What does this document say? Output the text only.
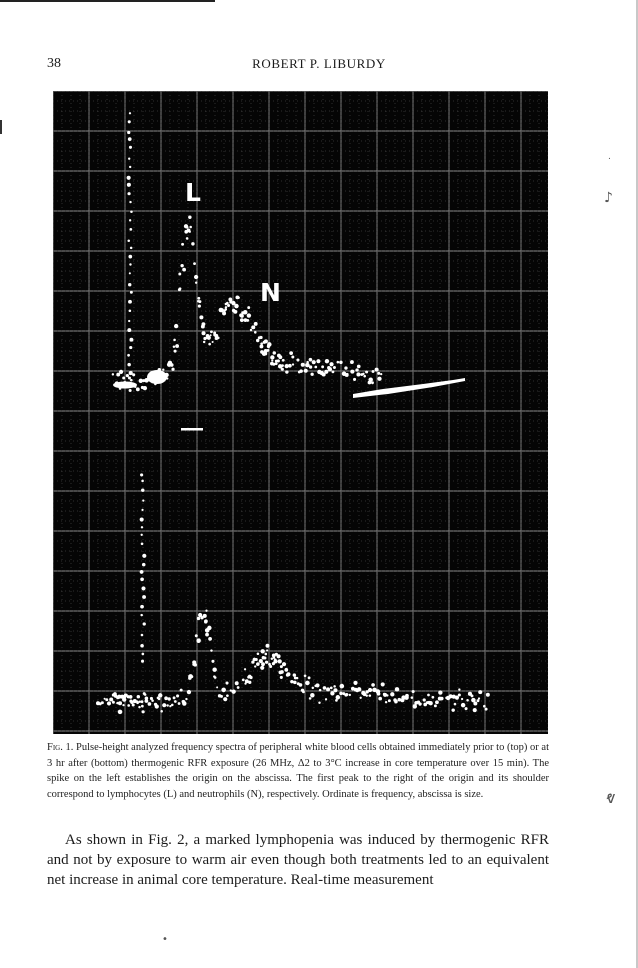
38	ROBERT P. LIBURDY
L
N
Fig. 1. Pulse-height analyzed frequency spectra of peripheral white blood cells obtained immediately prior to (top) or at 3 hr after (bottom) thermogenic RFR exposure (26 MHz, Δ2 to 3°C increase in core temperature over 15 min). The spike on the left establishes the origin on the abscissa. The first peak to the right of the origin and its shoulder correspond to lymphocytes (L) and neutrophils (N), respectively. Ordinate is frequency, abscissa is size.
As shown in Fig. 2, a marked lymphopenia was induced by thermogenic RFR and not by exposure to warm air even though both treatments led to an equivalent net increase in animal core temperature. Real-time measurement
.
♪
ⱴ
•
